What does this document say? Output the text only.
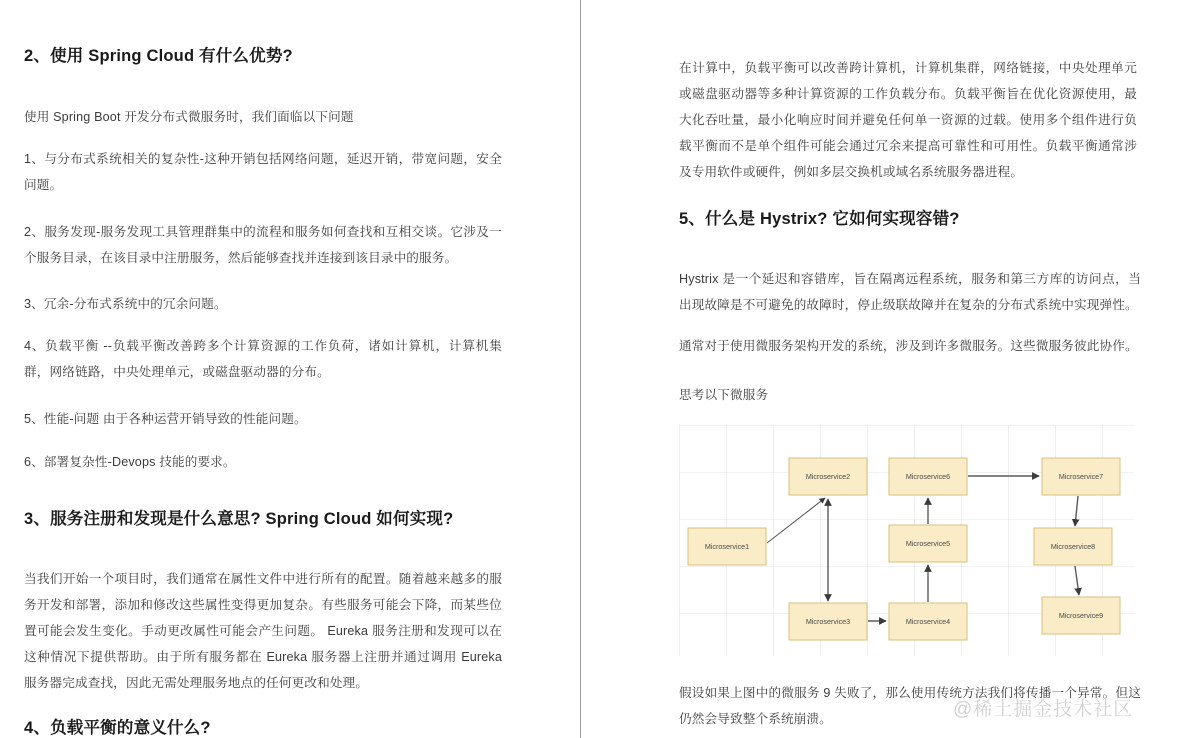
2、使用 Spring Cloud 有什么优势?

使用 Spring Boot 开发分布式微服务时，我们面临以下问题

1、与分布式系统相关的复杂性-这种开销包括网络问题，延迟开销，带宽问题，安全问题。

2、服务发现-服务发现工具管理群集中的流程和服务如何查找和互相交谈。它涉及一个服务目录，在该目录中注册服务，然后能够查找并连接到该目录中的服务。

3、冗余-分布式系统中的冗余问题。

4、负载平衡 --负载平衡改善跨多个计算资源的工作负荷，诸如计算机，计算机集群，网络链路，中央处理单元，或磁盘驱动器的分布。

5、性能-问题 由于各种运营开销导致的性能问题。

6、部署复杂性-Devops 技能的要求。

3、服务注册和发现是什么意思? Spring Cloud 如何实现?

当我们开始一个项目时，我们通常在属性文件中进行所有的配置。随着越来越多的服务开发和部署，添加和修改这些属性变得更加复杂。有些服务可能会下降，而某些位置可能会发生变化。手动更改属性可能会产生问题。 Eureka 服务注册和发现可以在这种情况下提供帮助。由于所有服务都在 Eureka 服务器上注册并通过调用 Eureka 服务器完成查找，因此无需处理服务地点的任何更改和处理。

4、负载平衡的意义什么?

在计算中，负载平衡可以改善跨计算机，计算机集群，网络链接，中央处理单元或磁盘驱动器等多种计算资源的工作负载分布。负载平衡旨在优化资源使用，最大化吞吐量，最小化响应时间并避免任何单一资源的过载。使用多个组件进行负载平衡而不是单个组件可能会通过冗余来提高可靠性和可用性。负载平衡通常涉及专用软件或硬件，例如多层交换机或域名系统服务器进程。

5、什么是 Hystrix? 它如何实现容错?

Hystrix 是一个延迟和容错库，旨在隔离远程系统，服务和第三方库的访问点，当出现故障是不可避免的故障时，停止级联故障并在复杂的分布式系统中实现弹性。

通常对于使用微服务架构开发的系统，涉及到许多微服务。这些微服务彼此协作。

思考以下微服务

Microservice1
Microservice2
Microservice3	Microservice4
Microservice5
Microservice6	Microservice7
Microservice8
Microservice9

假设如果上图中的微服务 9 失败了，那么使用传统方法我们将传播一个异常。但这仍然会导致整个系统崩溃。	@稀土掘金技术社区
